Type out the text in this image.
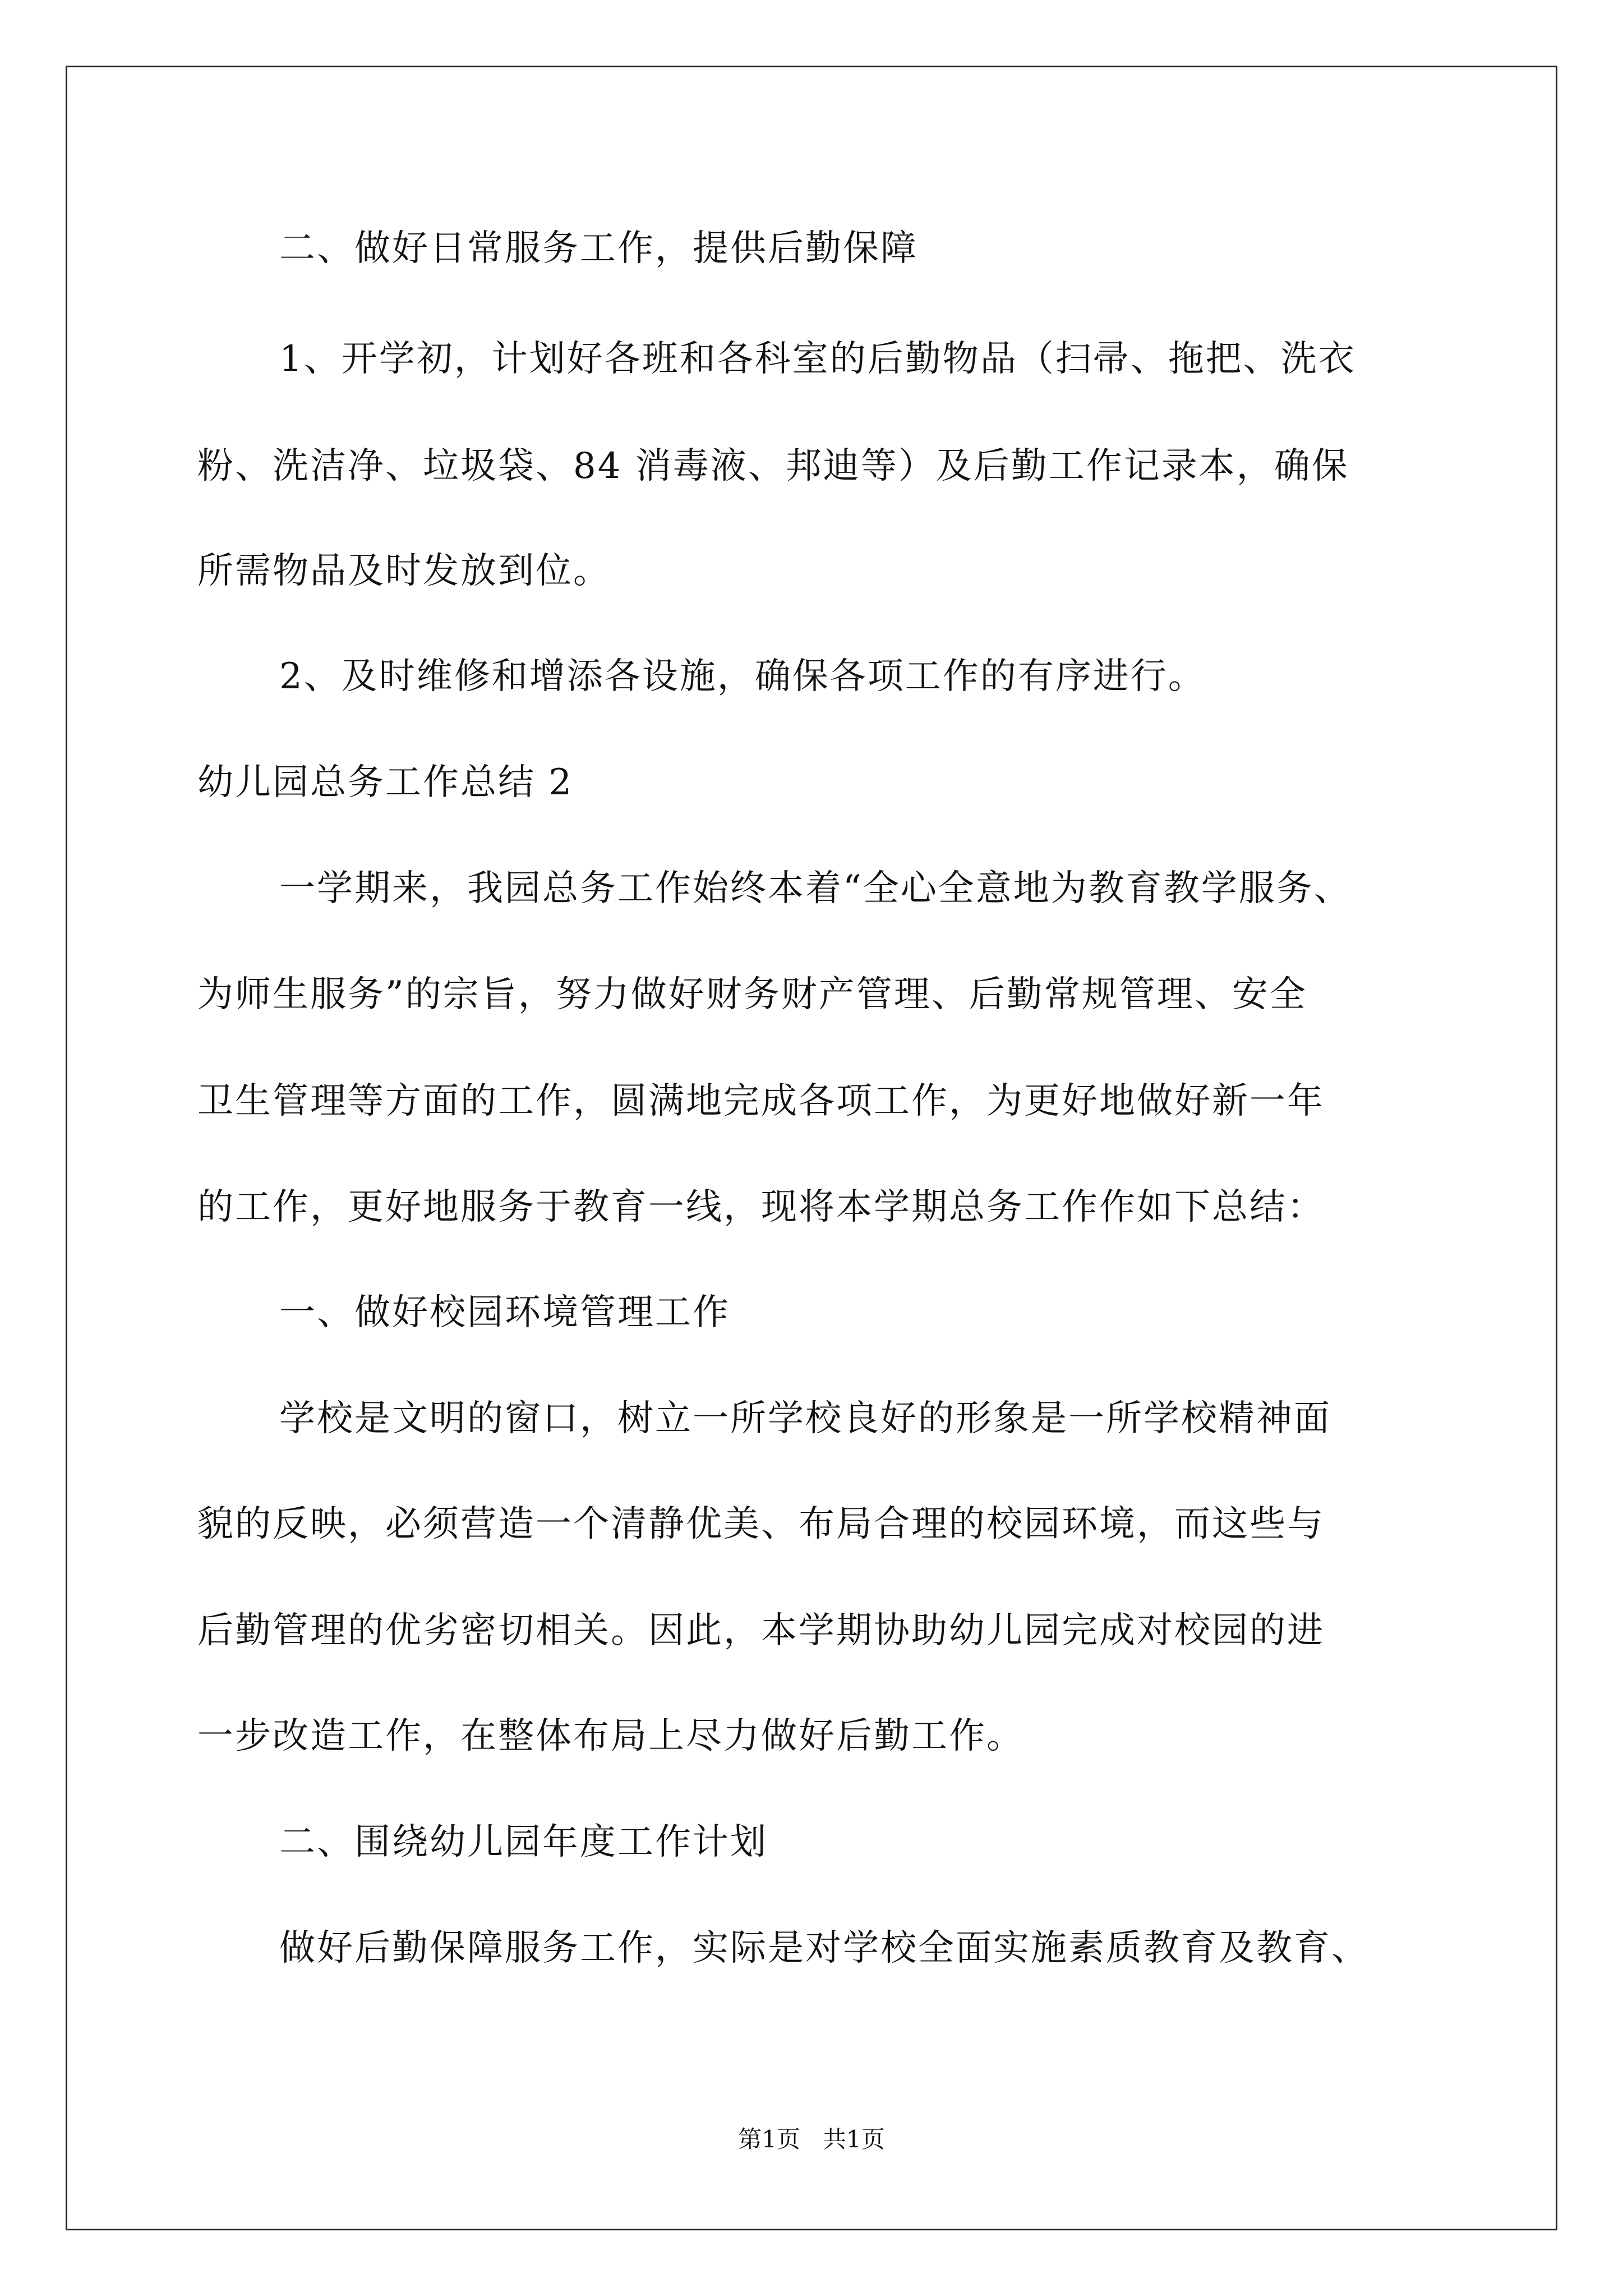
二、做好日常服务工作，提供后勤保障
1、开学初，计划好各班和各科室的后勤物品（扫帚、拖把、洗衣
粉、洗洁净、垃圾袋、84 消毒液、邦迪等）及后勤工作记录本，确保
所需物品及时发放到位。
2、及时维修和增添各设施，确保各项工作的有序进行。
幼儿园总务工作总结 2
一学期来，我园总务工作始终本着“全心全意地为教育教学服务、
为师生服务”的宗旨，努力做好财务财产管理、后勤常规管理、安全
卫生管理等方面的工作，圆满地完成各项工作，为更好地做好新一年
的工作，更好地服务于教育一线，现将本学期总务工作作如下总结：
一、做好校园环境管理工作
学校是文明的窗口，树立一所学校良好的形象是一所学校精神面
貌的反映，必须营造一个清静优美、布局合理的校园环境，而这些与
后勤管理的优劣密切相关。因此，本学期协助幼儿园完成对校园的进
一步改造工作，在整体布局上尽力做好后勤工作。
二、围绕幼儿园年度工作计划
做好后勤保障服务工作，实际是对学校全面实施素质教育及教育、
第1页   共1页
